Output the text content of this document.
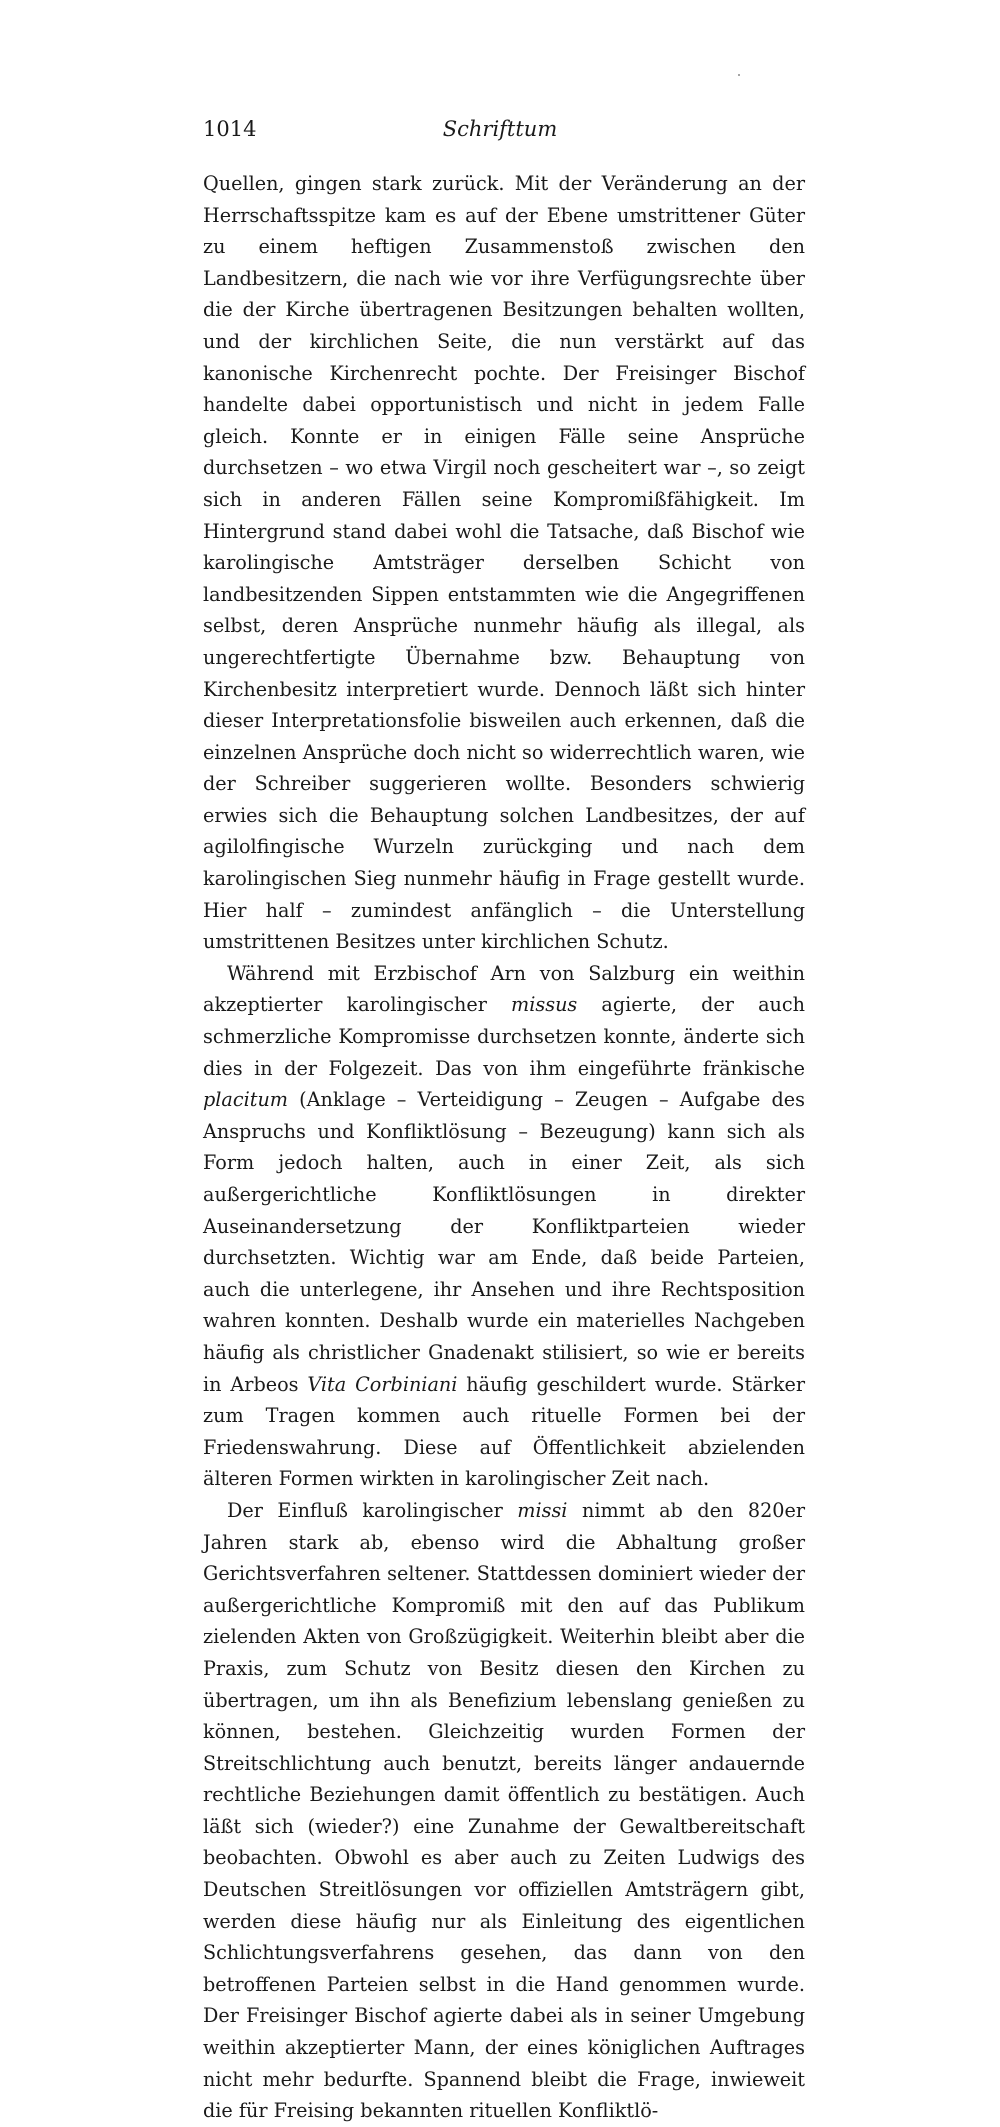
1014	Schrifttum

Quellen, gingen stark zurück. Mit der Veränderung an der Herrschaftsspitze kam es auf der Ebene umstrittener Güter zu einem heftigen Zusammenstoß zwischen den Landbesitzern, die nach wie vor ihre Verfügungsrechte über die der Kirche übertragenen Besitzungen behalten wollten, und der kirchlichen Seite, die nun verstärkt auf das kanonische Kirchenrecht pochte. Der Freisinger Bischof handelte dabei opportunistisch und nicht in jedem Falle gleich. Konnte er in einigen Fälle seine Ansprüche durchsetzen – wo etwa Virgil noch gescheitert war –, so zeigt sich in anderen Fällen seine Kompromißfähigkeit. Im Hintergrund stand dabei wohl die Tatsache, daß Bischof wie karolingische Amtsträger derselben Schicht von landbesitzenden Sippen entstammten wie die Angegriffenen selbst, deren Ansprüche nunmehr häufig als illegal, als ungerechtfertigte Übernahme bzw. Behauptung von Kirchenbesitz interpretiert wurde. Dennoch läßt sich hinter dieser Interpretationsfolie bisweilen auch erkennen, daß die einzelnen Ansprüche doch nicht so widerrechtlich waren, wie der Schreiber suggerieren wollte. Besonders schwierig erwies sich die Behauptung solchen Landbesitzes, der auf agilolfingische Wurzeln zurückging und nach dem karolingischen Sieg nunmehr häufig in Frage gestellt wurde. Hier half – zumindest anfänglich – die Unterstellung umstrittenen Besitzes unter kirchlichen Schutz.

Während mit Erzbischof Arn von Salzburg ein weithin akzeptierter karolingischer missus agierte, der auch schmerzliche Kompromisse durchsetzen konnte, änderte sich dies in der Folgezeit. Das von ihm eingeführte fränkische placitum (Anklage – Verteidigung – Zeugen – Aufgabe des Anspruchs und Konfliktlösung – Bezeugung) kann sich als Form jedoch halten, auch in einer Zeit, als sich außergerichtliche Konfliktlösungen in direkter Auseinandersetzung der Konfliktparteien wieder durchsetzten. Wichtig war am Ende, daß beide Parteien, auch die unterlegene, ihr Ansehen und ihre Rechtsposition wahren konnten. Deshalb wurde ein materielles Nachgeben häufig als christlicher Gnadenakt stilisiert, so wie er bereits in Arbeos Vita Corbiniani häufig geschildert wurde. Stärker zum Tragen kommen auch rituelle Formen bei der Friedenswahrung. Diese auf Öffentlichkeit abzielenden älteren Formen wirkten in karolingischer Zeit nach.

Der Einfluß karolingischer missi nimmt ab den 820er Jahren stark ab, ebenso wird die Abhaltung großer Gerichtsverfahren seltener. Stattdessen dominiert wieder der außergerichtliche Kompromiß mit den auf das Publikum zielenden Akten von Großzügigkeit. Weiterhin bleibt aber die Praxis, zum Schutz von Besitz diesen den Kirchen zu übertragen, um ihn als Benefizium lebenslang genießen zu können, bestehen. Gleichzeitig wurden Formen der Streitschlichtung auch benutzt, bereits länger andauernde rechtliche Beziehungen damit öffentlich zu bestätigen. Auch läßt sich (wieder?) eine Zunahme der Gewaltbereitschaft beobachten. Obwohl es aber auch zu Zeiten Ludwigs des Deutschen Streitlösungen vor offiziellen Amtsträgern gibt, werden diese häufig nur als Einleitung des eigentlichen Schlichtungsverfahrens gesehen, das dann von den betroffenen Parteien selbst in die Hand genommen wurde. Der Freisinger Bischof agierte dabei als in seiner Umgebung weithin akzeptierter Mann, der eines königlichen Auftrages nicht mehr bedurfte. Spannend bleibt die Frage, inwieweit die für Freising bekannten rituellen Konfliktlö-
